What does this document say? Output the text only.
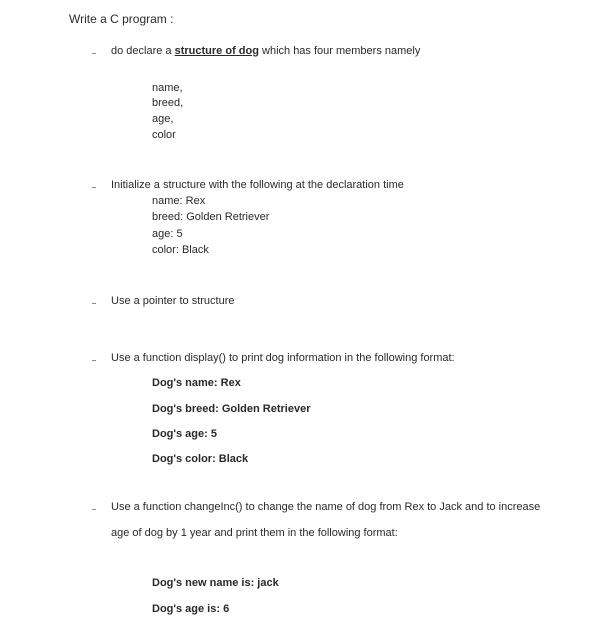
Write a C program :
do declare a structure of dog which has four members namely
name,
breed,
age,
color
Initialize a structure with the following at the declaration time
name: Rex
breed: Golden Retriever
age: 5
color: Black
Use a pointer to structure
Use a function display() to print dog information in the following format:
Dog's name: Rex
Dog's breed: Golden Retriever
Dog's age: 5
Dog's color: Black
Use a function changeInc() to change the name of dog from Rex to Jack and to increase
age of dog by 1 year and print them in the following format:
Dog's new name is: jack
Dog's age is: 6
